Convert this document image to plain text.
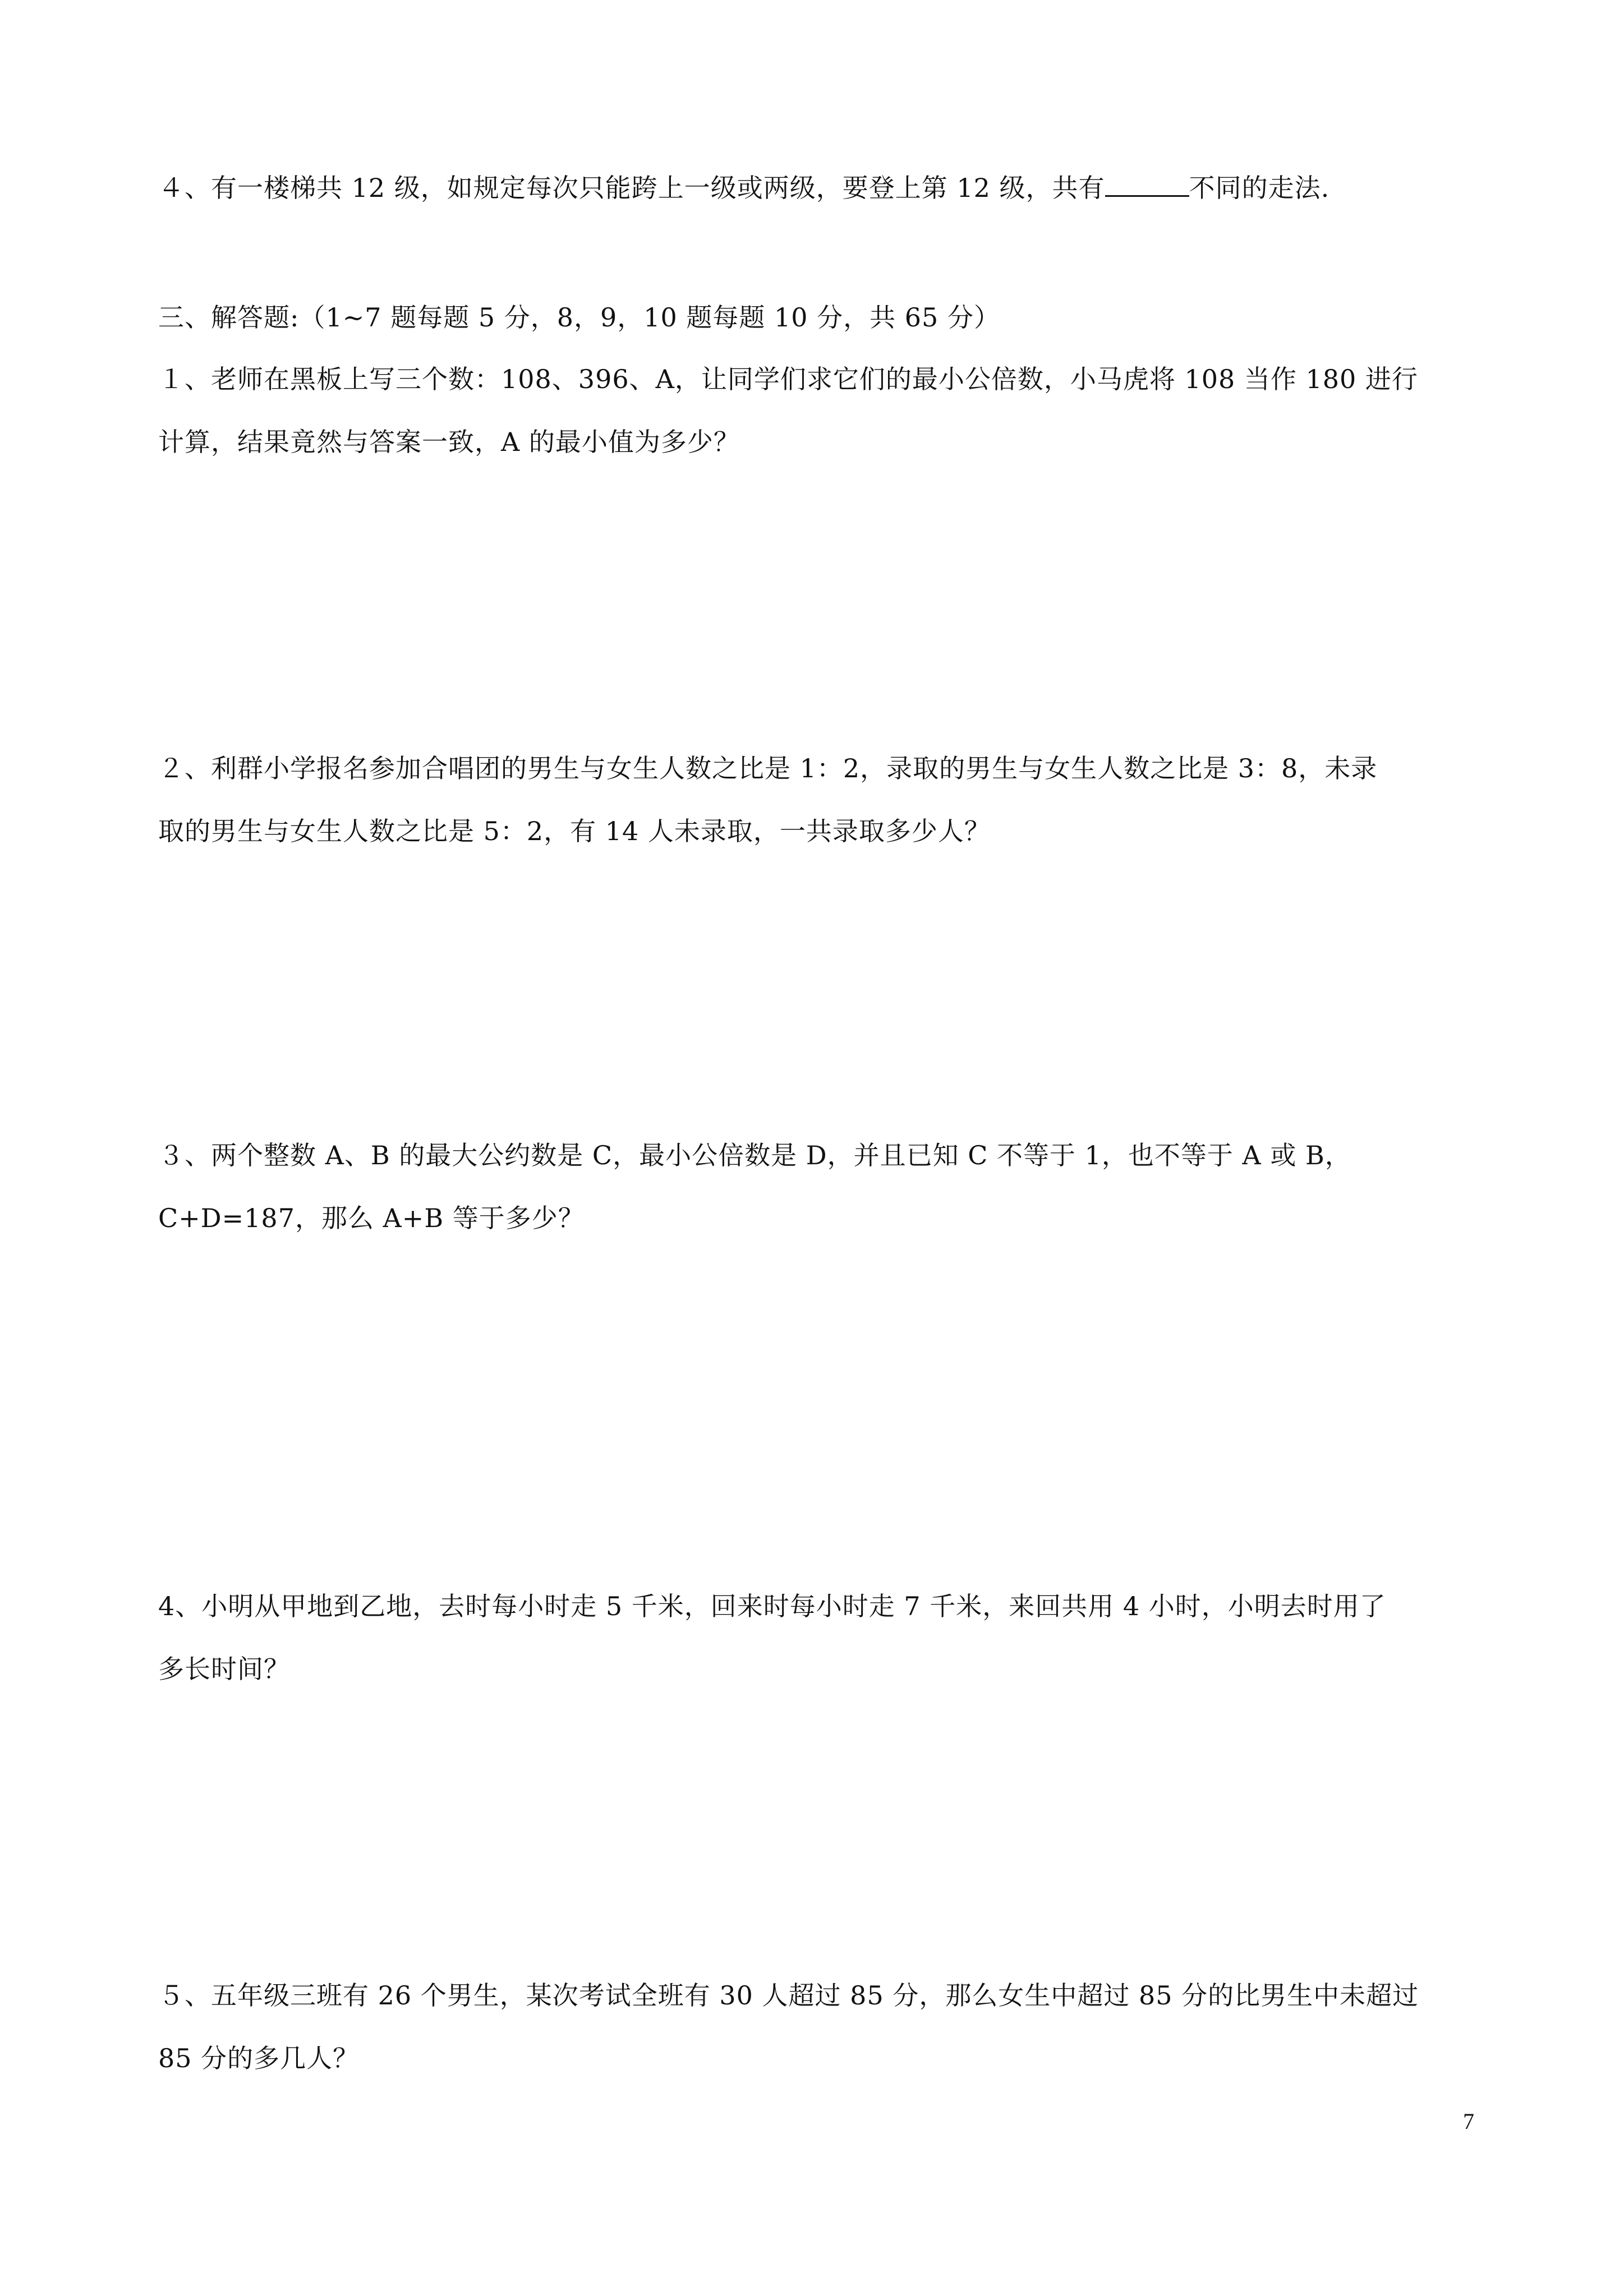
４、有一楼梯共 12 级，如规定每次只能跨上一级或两级，要登上第 12 级，共有	不同的走法.
三、解答题:（1~7 题每题 5 分，8，9，10 题每题 10 分，共 65 分）
１、老师在黑板上写三个数：108、396、A，让同学们求它们的最小公倍数，小马虎将 108 当作 180 进行
计算，结果竟然与答案一致，A 的最小值为多少？
２、利群小学报名参加合唱团的男生与女生人数之比是 1：2，录取的男生与女生人数之比是 3：8，未录
取的男生与女生人数之比是 5：2，有 14 人未录取，一共录取多少人？
３、两个整数 A、B 的最大公约数是 C，最小公倍数是 D，并且已知 C 不等于 1，也不等于 A 或 B，
C+D=187，那么 A+B 等于多少？
4、小明从甲地到乙地，去时每小时走 5 千米，回来时每小时走 7 千米，来回共用 4 小时，小明去时用了
多长时间？
５、五年级三班有 26 个男生，某次考试全班有 30 人超过 85 分，那么女生中超过 85 分的比男生中未超过
85 分的多几人？
7
